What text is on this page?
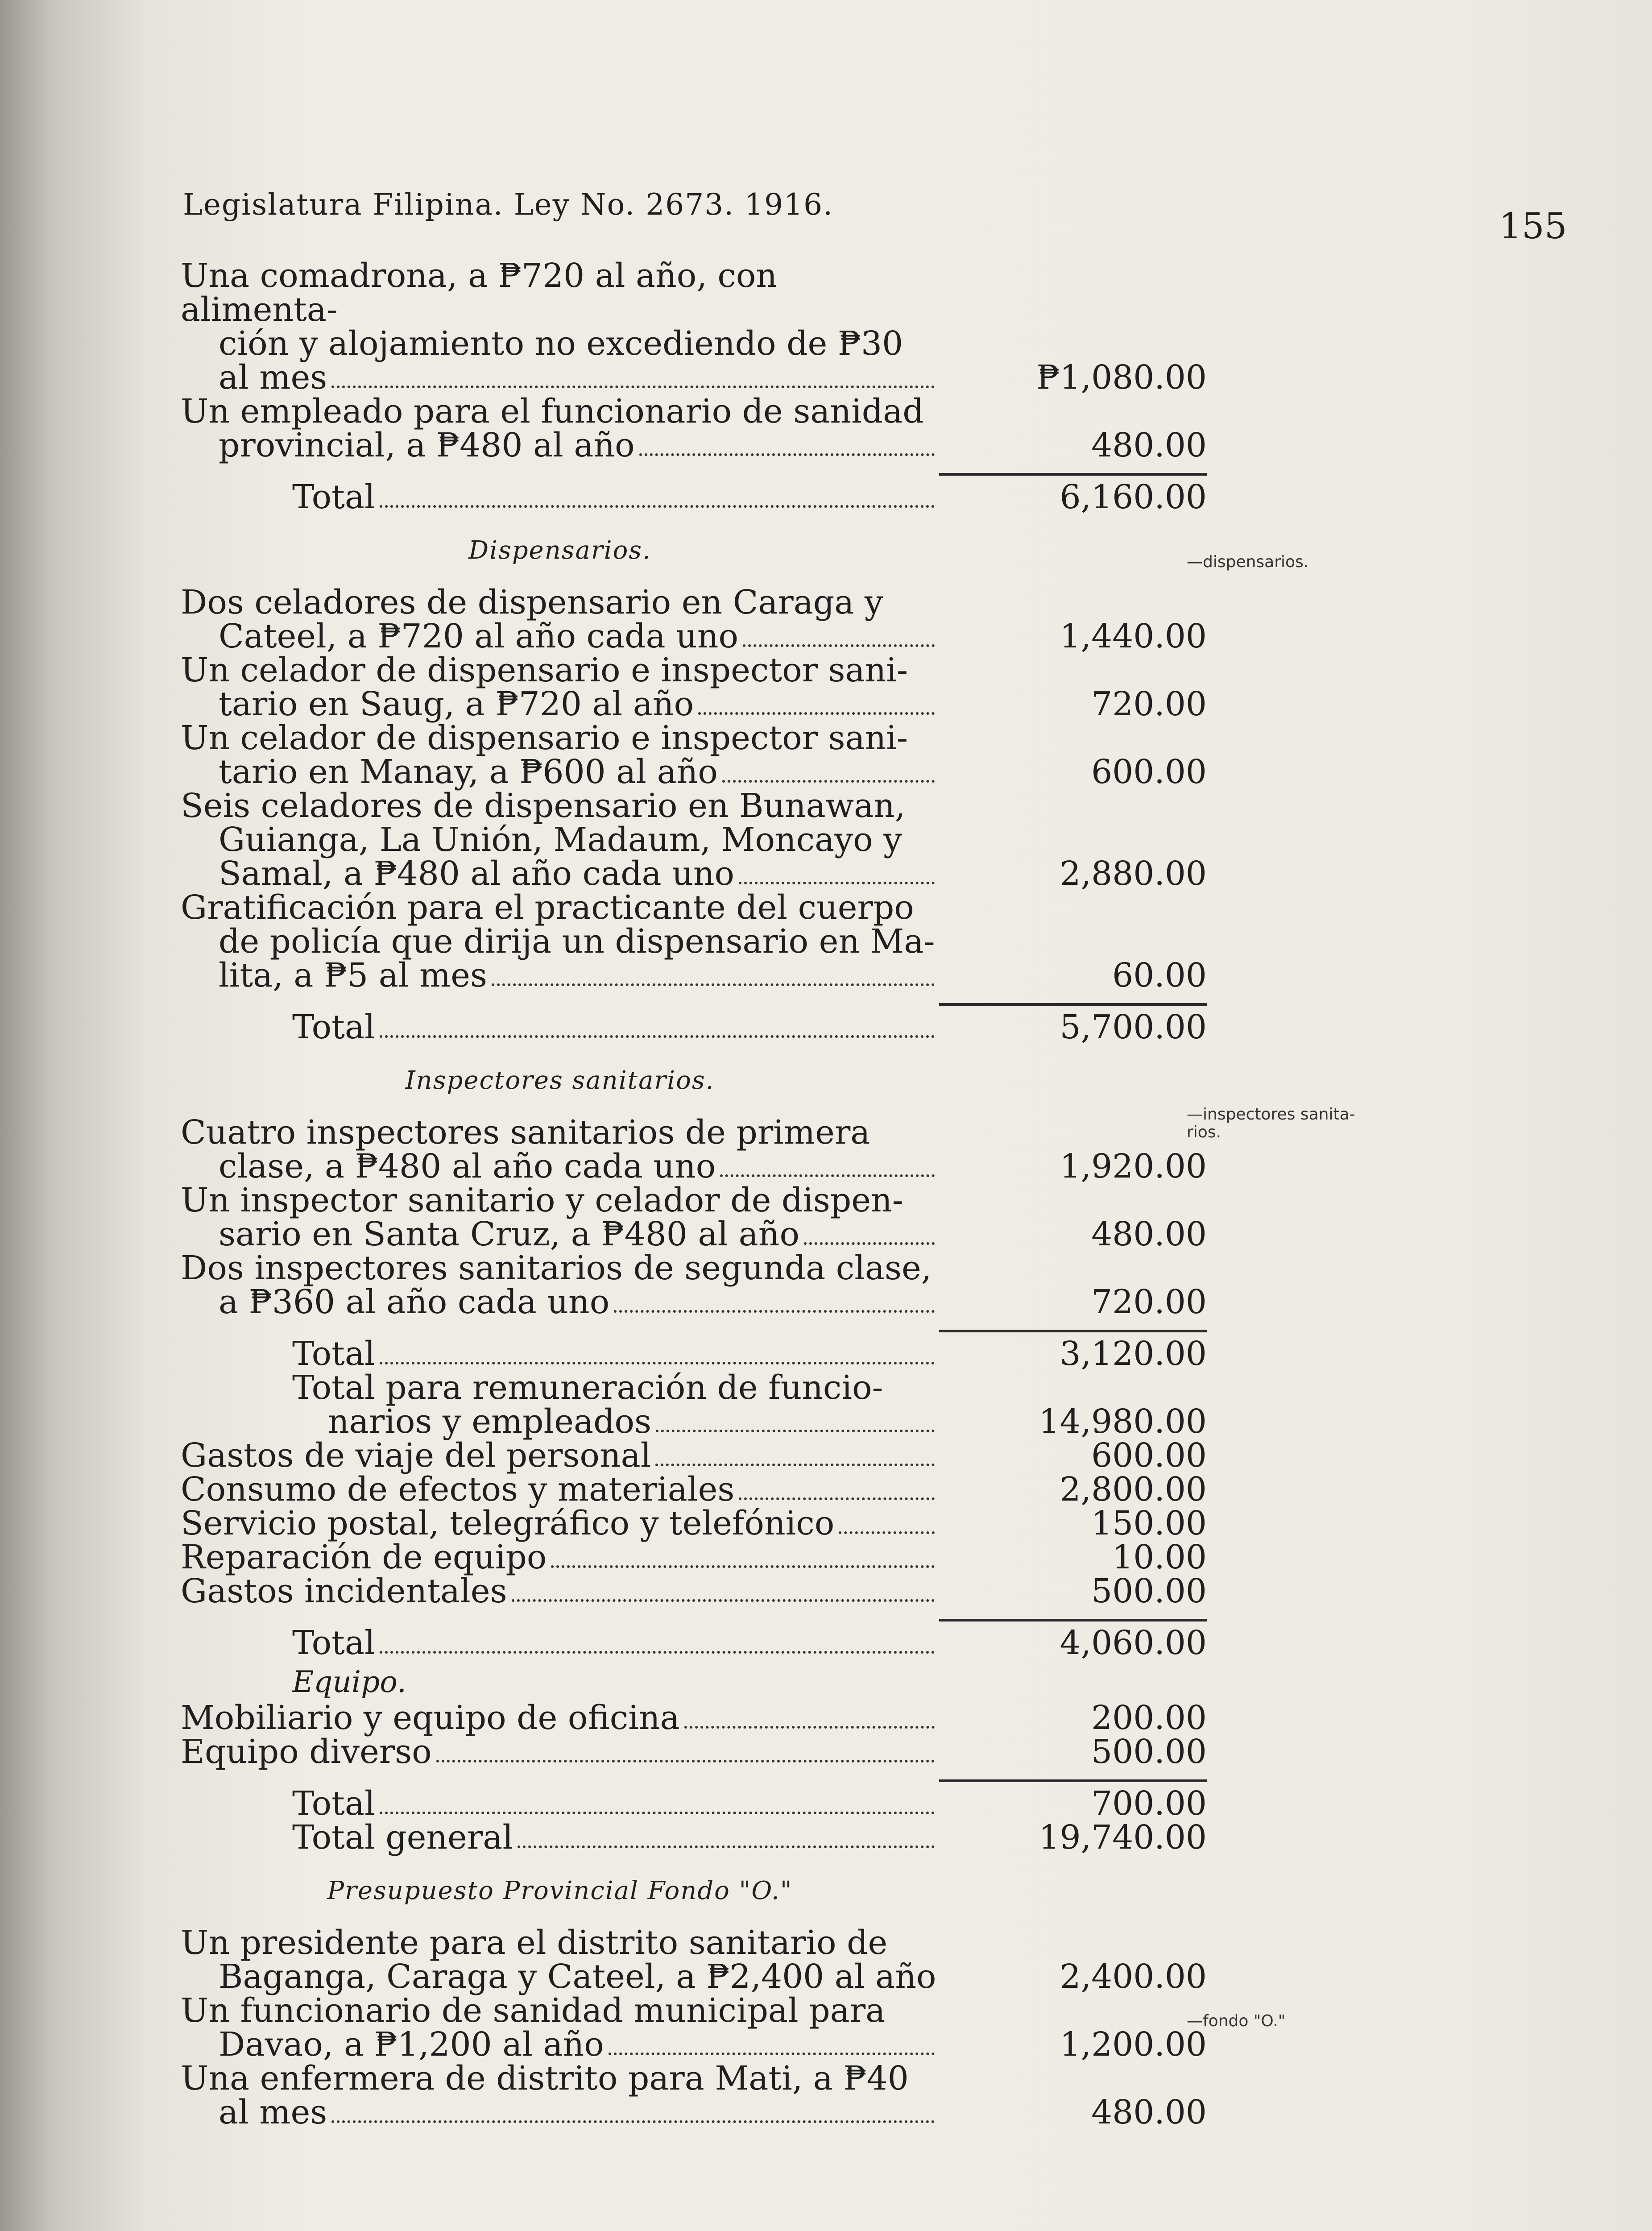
Legislatura Filipina. Ley No. 2673. 1916.
155
—dispensarios.
—inspectores sanita-
rios.
—fondo "O."
Una comadrona, a ₱720 al año, con alimenta-
ción y alojamiento no excediendo de ₱30
al mes	₱1,080.00
Un empleado para el funcionario de sanidad
provincial, a ₱480 al año	480.00
Total	6,160.00
Dispensarios.
Dos celadores de dispensario en Caraga y
Cateel, a ₱720 al año cada uno	1,440.00
Un celador de dispensario e inspector sani-
tario en Saug, a ₱720 al año	720.00
Un celador de dispensario e inspector sani-
tario en Manay, a ₱600 al año	600.00
Seis celadores de dispensario en Bunawan,
Guianga, La Unión, Madaum, Moncayo y
Samal, a ₱480 al año cada uno	2,880.00
Gratificación para el practicante del cuerpo
de policía que dirija un dispensario en Ma-
lita, a ₱5 al mes	60.00
Total	5,700.00
Inspectores sanitarios.
Cuatro inspectores sanitarios de primera
clase, a ₱480 al año cada uno	1,920.00
Un inspector sanitario y celador de dispen-
sario en Santa Cruz, a ₱480 al año	480.00
Dos inspectores sanitarios de segunda clase,
a ₱360 al año cada uno	720.00
Total	3,120.00
Total para remuneración de funcio-
narios y empleados	14,980.00
Gastos de viaje del personal	600.00
Consumo de efectos y materiales	2,800.00
Servicio postal, telegráfico y telefónico	150.00
Reparación de equipo	10.00
Gastos incidentales	500.00
Total	4,060.00
Equipo.
Mobiliario y equipo de oficina	200.00
Equipo diverso	500.00
Total	700.00
Total general	19,740.00
Presupuesto Provincial Fondo "O."
Un presidente para el distrito sanitario de
Baganga, Caraga y Cateel, a ₱2,400 al año	2,400.00
Un funcionario de sanidad municipal para
Davao, a ₱1,200 al año	1,200.00
Una enfermera de distrito para Mati, a ₱40
al mes	480.00
